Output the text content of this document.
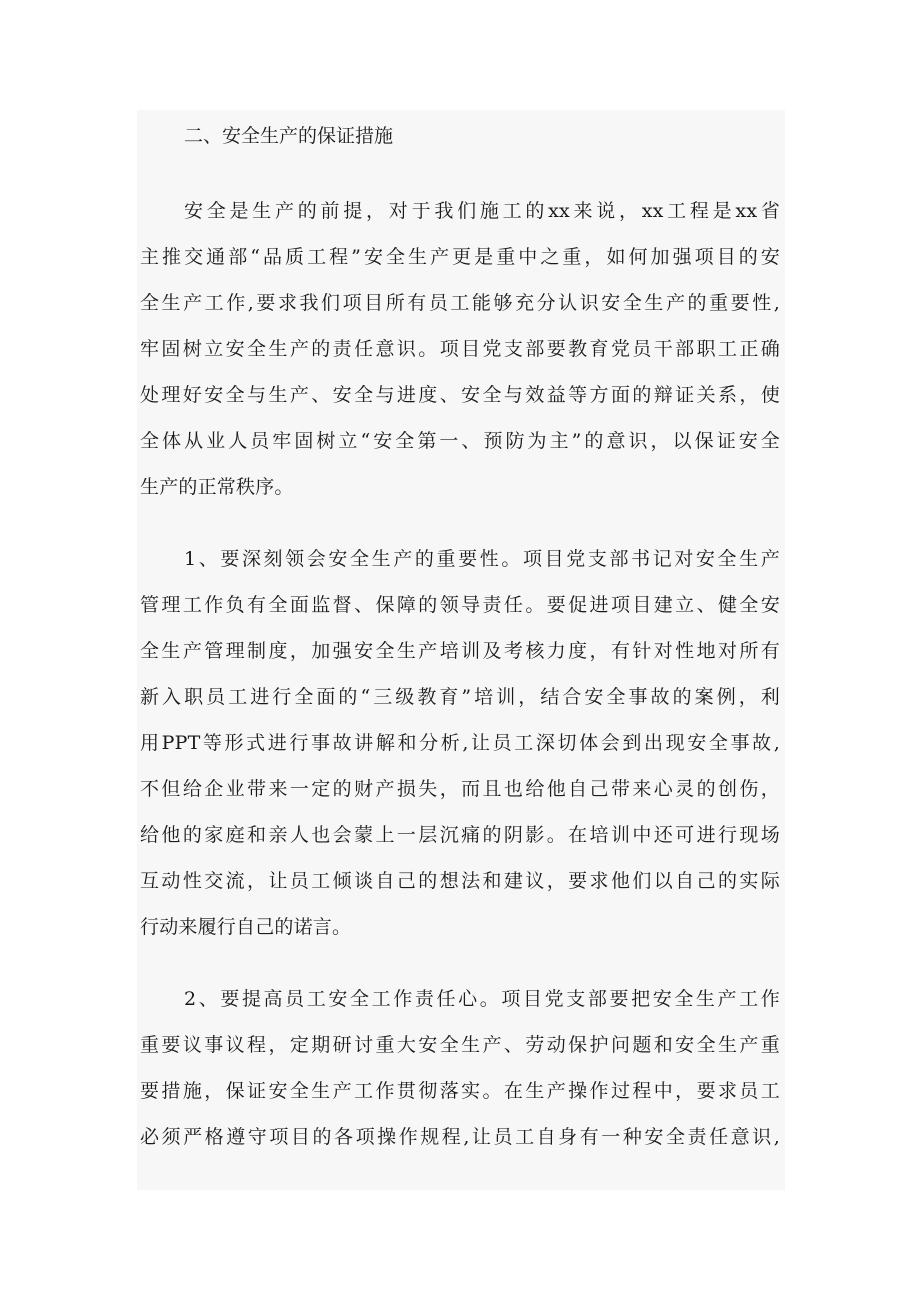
二、安全生产的保证措施

安全是生产的前提，对于我们施工的xx来说，xx工程是xx省
主推交通部“品质工程”安全生产更是重中之重，如何加强项目的安
全生产工作,要求我们项目所有员工能够充分认识安全生产的重要性,
牢固树立安全生产的责任意识。项目党支部要教育党员干部职工正确
处理好安全与生产、安全与进度、安全与效益等方面的辩证关系，使
全体从业人员牢固树立“安全第一、预防为主”的意识，以保证安全
生产的正常秩序。

1、要深刻领会安全生产的重要性。项目党支部书记对安全生产
管理工作负有全面监督、保障的领导责任。要促进项目建立、健全安
全生产管理制度，加强安全生产培训及考核力度，有针对性地对所有
新入职员工进行全面的“三级教育”培训，结合安全事故的案例，利
用PPT等形式进行事故讲解和分析,让员工深切体会到出现安全事故,
不但给企业带来一定的财产损失，而且也给他自己带来心灵的创伤，
给他的家庭和亲人也会蒙上一层沉痛的阴影。在培训中还可进行现场
互动性交流，让员工倾谈自己的想法和建议，要求他们以自己的实际
行动来履行自己的诺言。

2、要提高员工安全工作责任心。项目党支部要把安全生产工作
重要议事议程，定期研讨重大安全生产、劳动保护问题和安全生产重
要措施，保证安全生产工作贯彻落实。在生产操作过程中，要求员工
必须严格遵守项目的各项操作规程,让员工自身有一种安全责任意识,
